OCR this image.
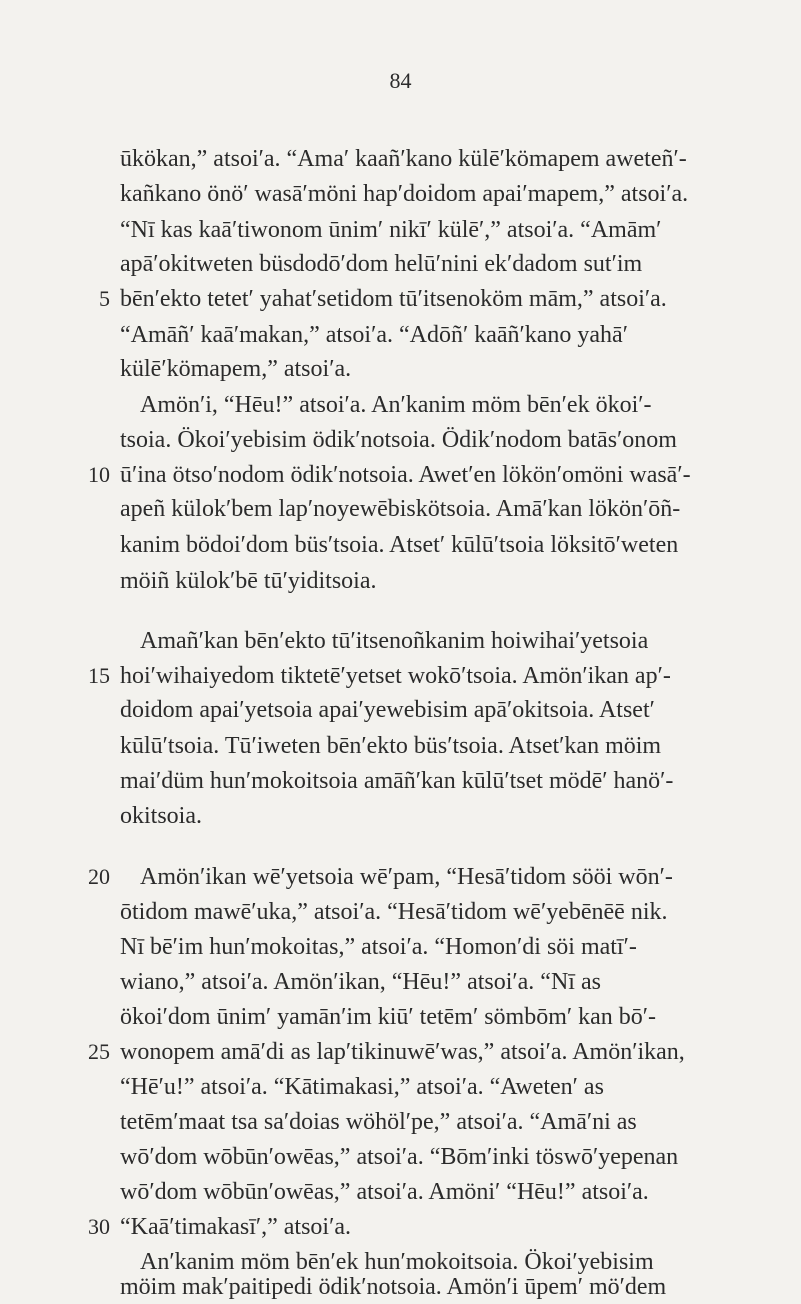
84
ūkökan,” atsoi′a. “Ama′ kaañ′kano külē′kömapem aweteñ′-
kañkano önö′ wasā′möni hap′doidom apai′mapem,” atsoi′a.
“Nī kas kaā′tiwonom ūnim′ nikī′ külē′,” atsoi′a. “Amām′
apā′okitweten büsdodō′dom helū′nini ek′dadom sut′im
bēn′ekto tetet′ yahat′setidom tū′itsenoköm mām,” atsoi′a.
“Amāñ′ kaā′makan,” atsoi′a. “Adōñ′ kaāñ′kano yahā′
külē′kömapem,” atsoi′a.
Amön′i, “Hēu!” atsoi′a. An′kanim möm bēn′ek ökoi′-
tsoia. Ökoi′yebisim ödik′notsoia. Ödik′nodom batās′onom
ū′ina ötso′nodom ödik′notsoia. Awet′en lökön′omöni wasā′-
apeñ külok′bem lap′noyewēbiskötsoia. Amā′kan lökön′ōñ-
kanim bödoi′dom büs′tsoia. Atset′ kūlū′tsoia löksitō′weten
möiñ külok′bē tū′yiditsoia.
Amañ′kan bēn′ekto tū′itsenoñkanim hoiwihai′yetsoia
hoi′wihaiyedom tiktetē′yetset wokō′tsoia. Amön′ikan ap′-
doidom apai′yetsoia apai′yewebisim apā′okitsoia. Atset′
kūlū′tsoia. Tū′iweten bēn′ekto büs′tsoia. Atset′kan möim
mai′düm hun′mokoitsoia amāñ′kan kūlū′tset mödē′ hanö′-
okitsoia.
Amön′ikan wē′yetsoia wē′pam, “Hesā′tidom sööi wōn′-
ōtidom mawē′uka,” atsoi′a. “Hesā′tidom wē′yebēnēē nik.
Nī bē′im hun′mokoitas,” atsoi′a. “Homon′di söi matī′-
wiano,” atsoi′a. Amön′ikan, “Hēu!” atsoi′a. “Nī as
ökoi′dom ūnim′ yamān′im kiū′ tetēm′ sömbōm′ kan bō′-
wonopem amā′di as lap′tikinuwē′was,” atsoi′a. Amön′ikan,
“Hē′u!” atsoi′a. “Kātimakasi,” atsoi′a. “Aweten′ as
tetēm′maat tsa sa′doias wöhöl′pe,” atsoi′a. “Amā′ni as
wō′dom wōbūn′owēas,” atsoi′a. “Bōm′inki töswō′yepenan
wō′dom wōbūn′owēas,” atsoi′a. Amöni′ “Hēu!” atsoi′a.
“Kaā′timakasī′,” atsoi′a.
An′kanim möm bēn′ek hun′mokoitsoia. Ökoi′yebisim
möim mak′paitipedi ödik′notsoia. Amön′i ūpem′ mö′dem
5
10
15
20
25
30
